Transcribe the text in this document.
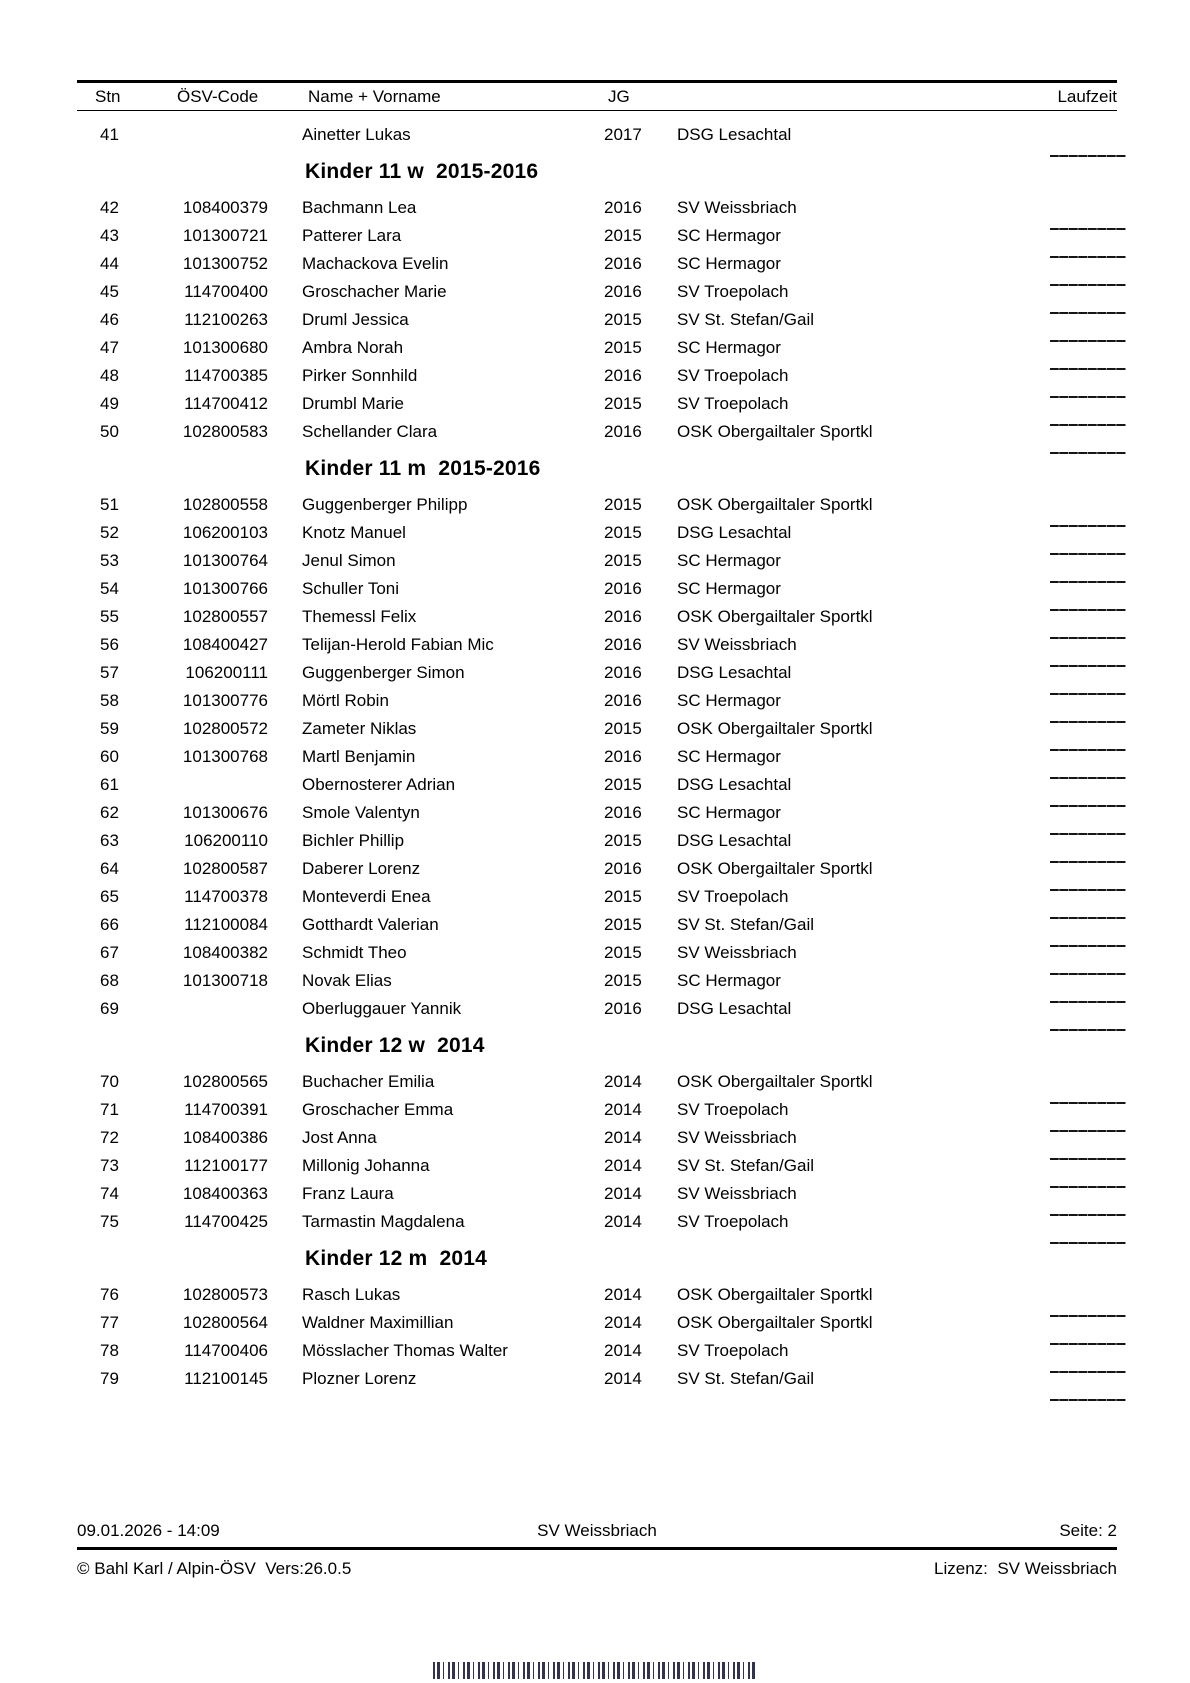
Stn	ÖSV-Code	Name + Vorname	JG	Laufzeit
41	Ainetter Lukas	2017 DSG Lesachtal
Kinder 11 w  2015-2016
42	108400379 Bachmann Lea	2016 SV Weissbriach
43	101300721 Patterer Lara	2015 SC Hermagor
44	101300752 Machackova Evelin	2016 SC Hermagor
45	114700400 Groschacher Marie	2016 SV Troepolach
46	112100263 Druml Jessica	2015 SV St. Stefan/Gail
47	101300680 Ambra Norah	2015 SC Hermagor
48	114700385 Pirker Sonnhild	2016 SV Troepolach
49	114700412 Drumbl Marie	2015 SV Troepolach
50	102800583 Schellander Clara	2016 OSK Obergailtaler Sportkl
Kinder 11 m  2015-2016
51	102800558 Guggenberger Philipp	2015 OSK Obergailtaler Sportkl
52	106200103 Knotz Manuel	2015 DSG Lesachtal
53	101300764 Jenul Simon	2015 SC Hermagor
54	101300766 Schuller Toni	2016 SC Hermagor
55	102800557 Themessl Felix	2016 OSK Obergailtaler Sportkl
56	108400427 Telijan-Herold Fabian Mic	2016 SV Weissbriach
57	106200111 Guggenberger Simon	2016 DSG Lesachtal
58	101300776 Mörtl Robin	2016 SC Hermagor
59	102800572 Zameter Niklas	2015 OSK Obergailtaler Sportkl
60	101300768 Martl Benjamin	2016 SC Hermagor
61	Obernosterer Adrian	2015 DSG Lesachtal
62	101300676 Smole Valentyn	2016 SC Hermagor
63	106200110 Bichler Phillip	2015 DSG Lesachtal
64	102800587 Daberer Lorenz	2016 OSK Obergailtaler Sportkl
65	114700378 Monteverdi Enea	2015 SV Troepolach
66	112100084 Gotthardt Valerian	2015 SV St. Stefan/Gail
67	108400382 Schmidt Theo	2015 SV Weissbriach
68	101300718 Novak Elias	2015 SC Hermagor
69	Oberluggauer Yannik	2016 DSG Lesachtal
Kinder 12 w  2014
70	102800565 Buchacher Emilia	2014 OSK Obergailtaler Sportkl
71	114700391 Groschacher Emma	2014 SV Troepolach
72	108400386 Jost Anna	2014 SV Weissbriach
73	112100177 Millonig Johanna	2014 SV St. Stefan/Gail
74	108400363 Franz Laura	2014 SV Weissbriach
75	114700425 Tarmastin Magdalena	2014 SV Troepolach
Kinder 12 m  2014
76	102800573 Rasch Lukas	2014 OSK Obergailtaler Sportkl
77	102800564 Waldner Maximillian	2014 OSK Obergailtaler Sportkl
78	114700406 Mösslacher Thomas Walter	2014 SV Troepolach
79	112100145 Plozner Lorenz	2014 SV St. Stefan/Gail
SV Weissbriach
09.01.2026 - 14:09	Seite: 2
© Bahl Karl / Alpin-ÖSV  Vers:26.0.5	Lizenz:  SV Weissbriach
